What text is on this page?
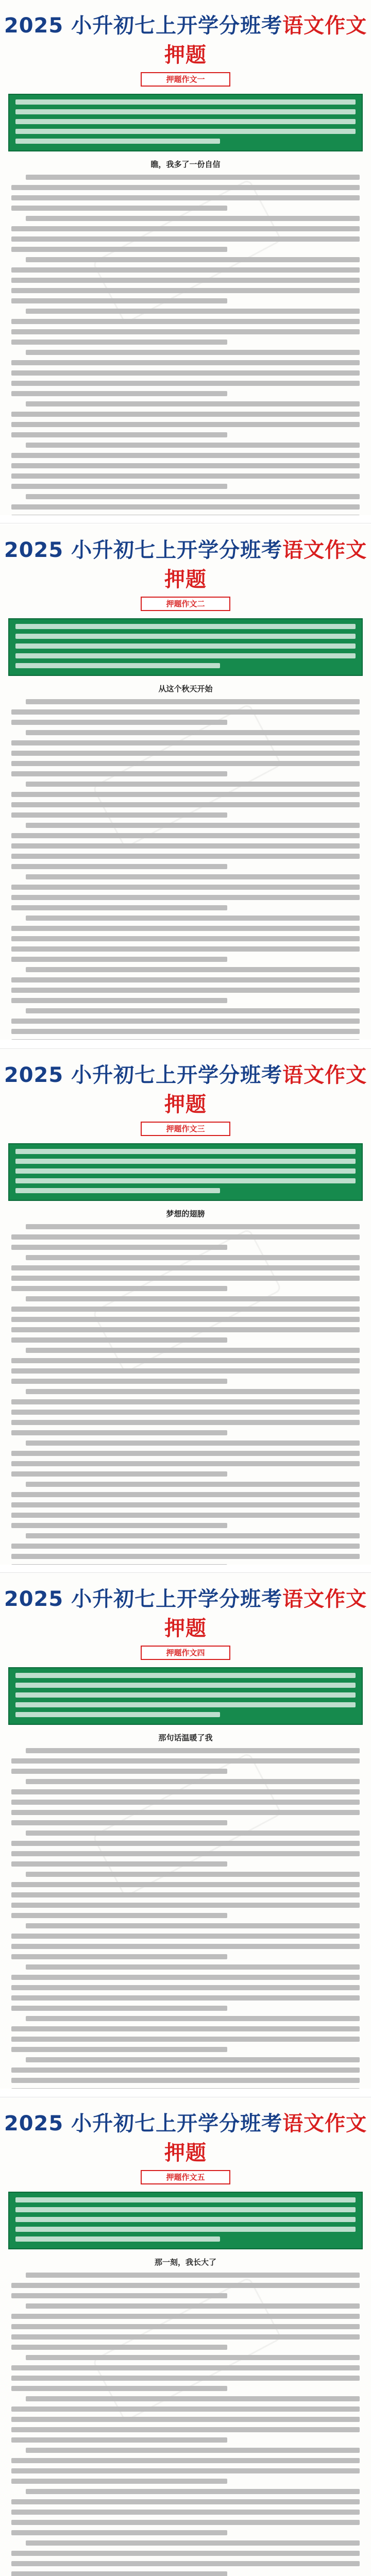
2025 小升初七上开学分班考语文作文押题
押题作文一
瞧，我多了一份自信
2025 小升初七上开学分班考语文作文押题
押题作文二
从这个秋天开始
2025 小升初七上开学分班考语文作文押题
押题作文三
梦想的翅膀
2025 小升初七上开学分班考语文作文押题
押题作文四
那句话温暖了我
2025 小升初七上开学分班考语文作文押题
押题作文五
那一刻，我长大了
